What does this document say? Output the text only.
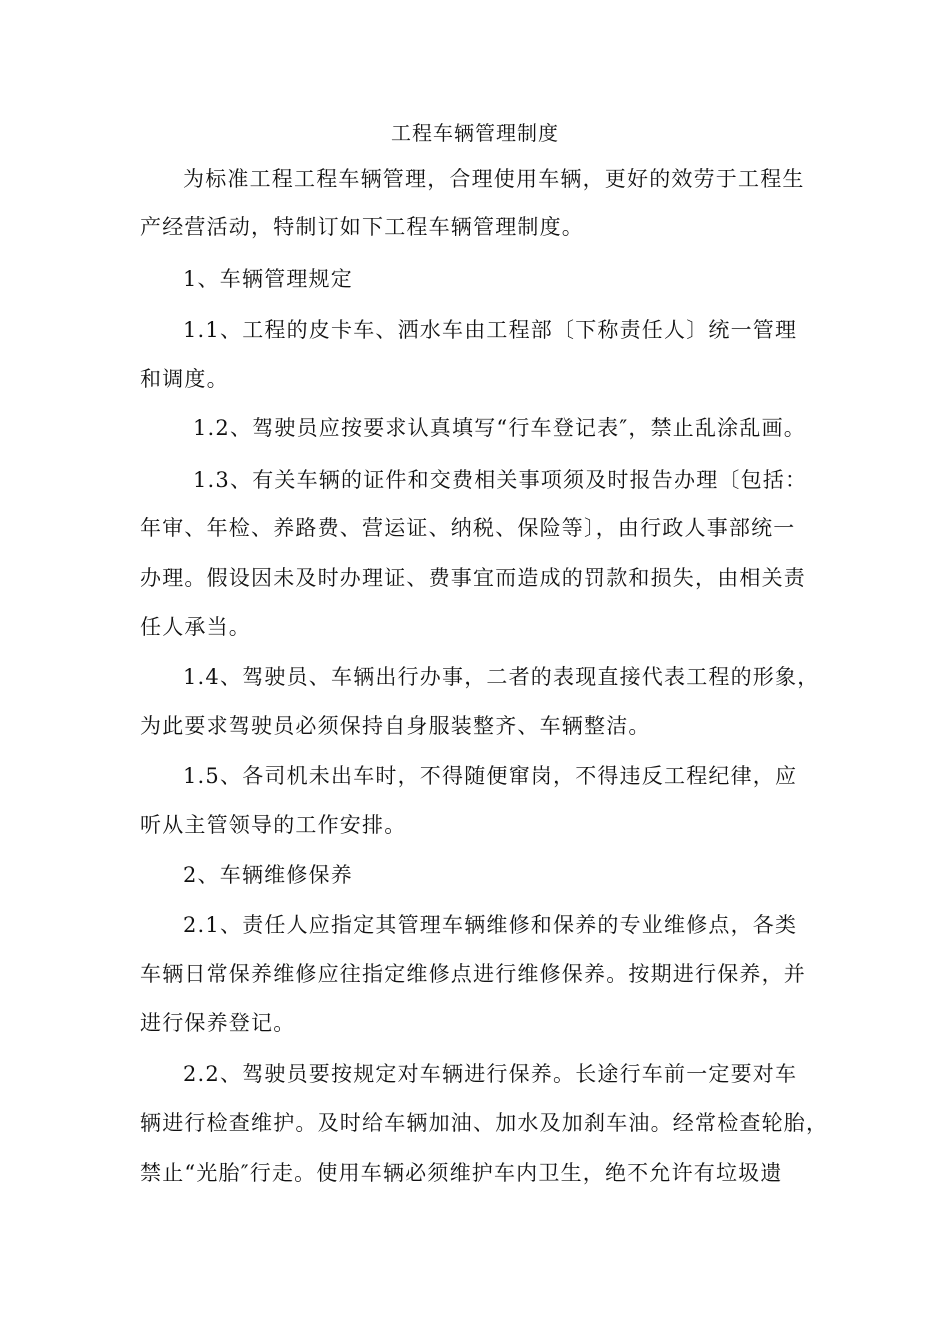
工程车辆管理制度
为标准工程工程车辆管理，合理使用车辆，更好的效劳于工程生
产经营活动，特制订如下工程车辆管理制度。
1、车辆管理规定
1.1、工程的皮卡车、洒水车由工程部〔下称责任人〕统一管理
和调度。
1.2、驾驶员应按要求认真填写“行车登记表″，禁止乱涂乱画。
1.3、有关车辆的证件和交费相关事项须及时报告办理〔包括：
年审、年检、养路费、营运证、纳税、保险等〕，由行政人事部统一
办理。假设因未及时办理证、费事宜而造成的罚款和损失，由相关责
任人承当。
1.4、驾驶员、车辆出行办事，二者的表现直接代表工程的形象，
为此要求驾驶员必须保持自身服装整齐、车辆整洁。
1.5、各司机未出车时，不得随便窜岗，不得违反工程纪律，应
听从主管领导的工作安排。
2、车辆维修保养
2.1、责任人应指定其管理车辆维修和保养的专业维修点，各类
车辆日常保养维修应往指定维修点进行维修保养。按期进行保养，并
进行保养登记。
2.2、驾驶员要按规定对车辆进行保养。长途行车前一定要对车
辆进行检查维护。及时给车辆加油、加水及加刹车油。经常检查轮胎，
禁止“光胎″行走。使用车辆必须维护车内卫生，绝不允许有垃圾遗
